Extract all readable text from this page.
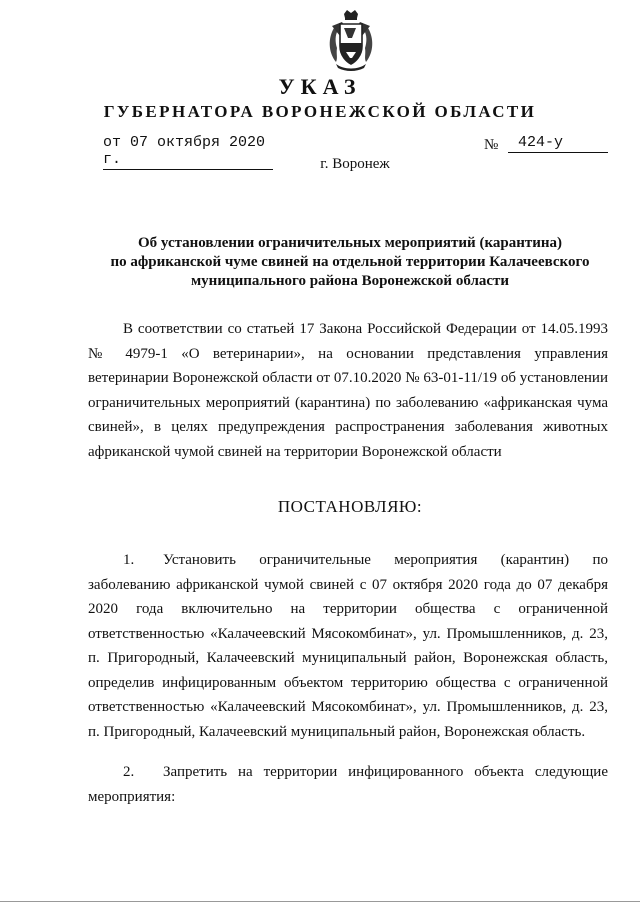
УКАЗ
ГУБЕРНАТОРА ВОРОНЕЖСКОЙ ОБЛАСТИ
от 07 октября 2020 г.
№	424-у
г. Воронеж
Об установлении ограничительных мероприятий (карантина)
по африканской чуме свиней на отдельной территории Калачеевского
муниципального района Воронежской области

В соответствии со статьей 17 Закона Российской Федерации от 14.05.1993 № 4979-1 «О ветеринарии», на основании представления управления ветеринарии Воронежской области от 07.10.2020 № 63-01-11/19 об установлении ограничительных мероприятий (карантина) по заболеванию «африканская чума свиней», в целях предупреждения распространения заболевания животных африканской чумой свиней на территории Воронежской области

ПОСТАНОВЛЯЮ:

1. Установить ограничительные мероприятия (карантин) по заболеванию африканской чумой свиней с 07 октября 2020 года до 07 декабря 2020 года включительно на территории общества с ограниченной ответственностью «Калачеевский Мясокомбинат», ул. Промышленников, д. 23, п. Пригородный, Калачеевский муниципальный район, Воронежская область, определив инфицированным объектом территорию общества с ограниченной ответственностью «Калачеевский Мясокомбинат», ул. Промышленников, д. 23, п. Пригородный, Калачеевский муниципальный район, Воронежская область.

2. Запретить на территории инфицированного объекта следующие мероприятия:
